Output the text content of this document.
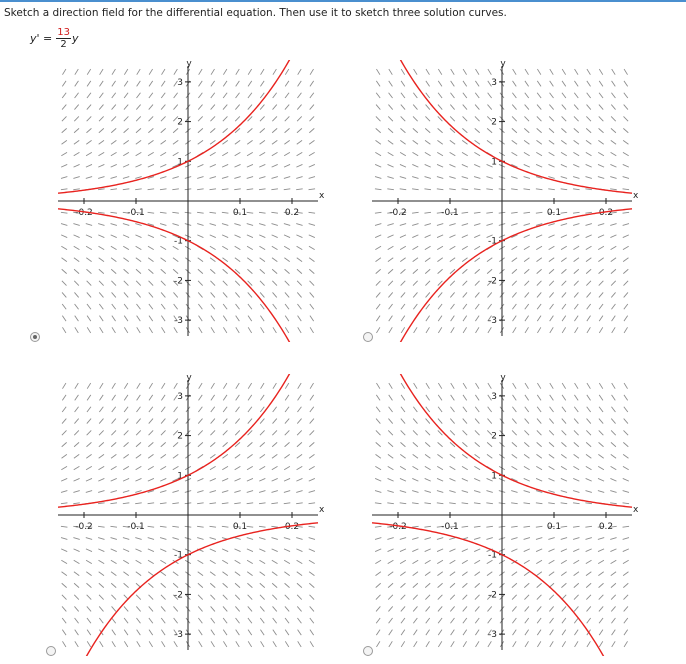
Sketch a direction field for the differential equation. Then use it to sketch three solution curves.
$y' = \frac{13}{2}$ y
x
y
-0.2	-0.1	0.1	0.2
-3
-2
-1
1
2
3
x
y
-0.2	-0.1	0.1	0.2
-3
-2
-1
1
2
3
x
y
-0.2	-0.1	0.1	0.2
-3
-2
-1
1
2
3
x
y
-0.2	-0.1	0.1	0.2
-3
-2
-1
1
2
3
